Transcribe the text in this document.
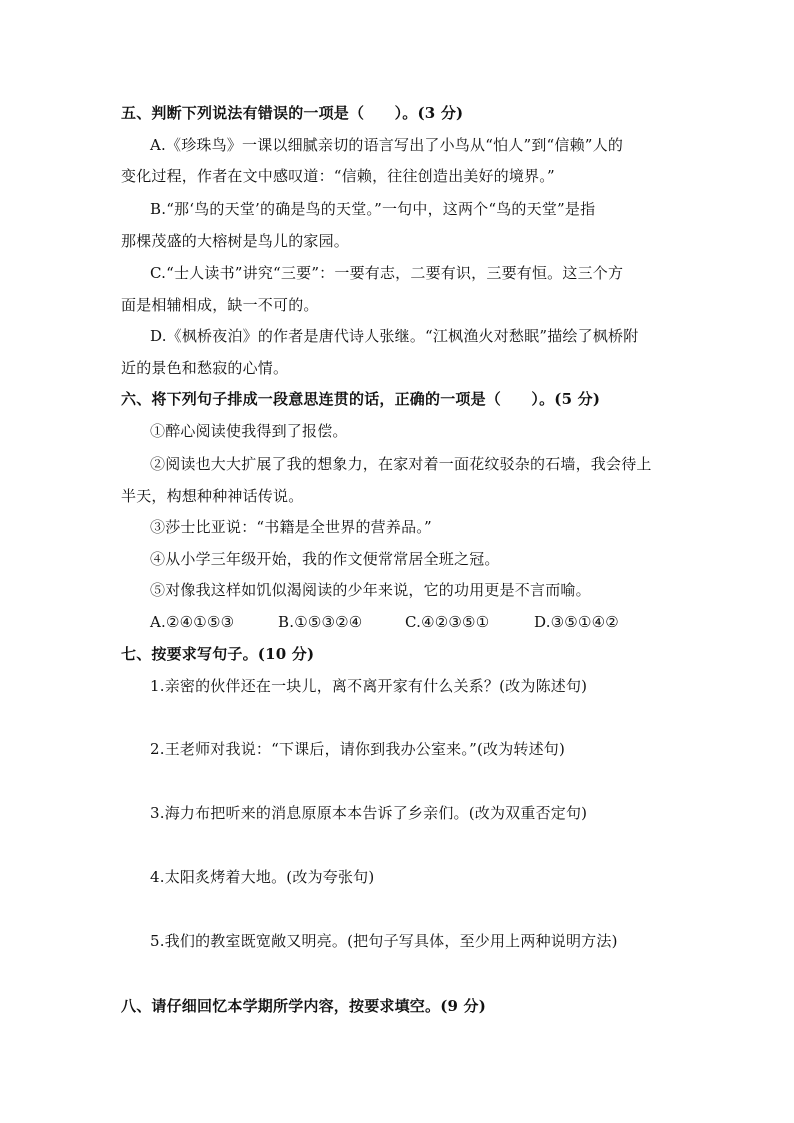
五、判断下列说法有错误的一项是（　　）。(3 分)
A.《珍珠鸟》一课以细腻亲切的语言写出了小鸟从“怕人”到“信赖”人的
变化过程，作者在文中感叹道：“信赖，往往创造出美好的境界。”
B.“那‘鸟的天堂’的确是鸟的天堂。”一句中，这两个“鸟的天堂”是指
那棵茂盛的大榕树是鸟儿的家园。
C.“士人读书”讲究“三要”：一要有志，二要有识，三要有恒。这三个方
面是相辅相成，缺一不可的。
D.《枫桥夜泊》的作者是唐代诗人张继。“江枫渔火对愁眠”描绘了枫桥附
近的景色和愁寂的心情。
六、将下列句子排成一段意思连贯的话，正确的一项是（　　）。(5 分)
①醉心阅读使我得到了报偿。
②阅读也大大扩展了我的想象力，在家对着一面花纹驳杂的石墙，我会待上
半天，构想种种神话传说。
③莎士比亚说：“书籍是全世界的营养品。”
④从小学三年级开始，我的作文便常常居全班之冠。
⑤对像我这样如饥似渴阅读的少年来说，它的功用更是不言而喻。
A.②④①⑤③	B.①⑤③②④	C.④②③⑤①	D.③⑤①④②
七、按要求写句子。(10 分)
1.亲密的伙伴还在一块儿，离不离开家有什么关系？(改为陈述句)
2.王老师对我说：“下课后，请你到我办公室来。”(改为转述句)
3.海力布把听来的消息原原本本告诉了乡亲们。(改为双重否定句)
4.太阳炙烤着大地。(改为夸张句)
5.我们的教室既宽敞又明亮。(把句子写具体，至少用上两种说明方法)
八、请仔细回忆本学期所学内容，按要求填空。(9 分)
